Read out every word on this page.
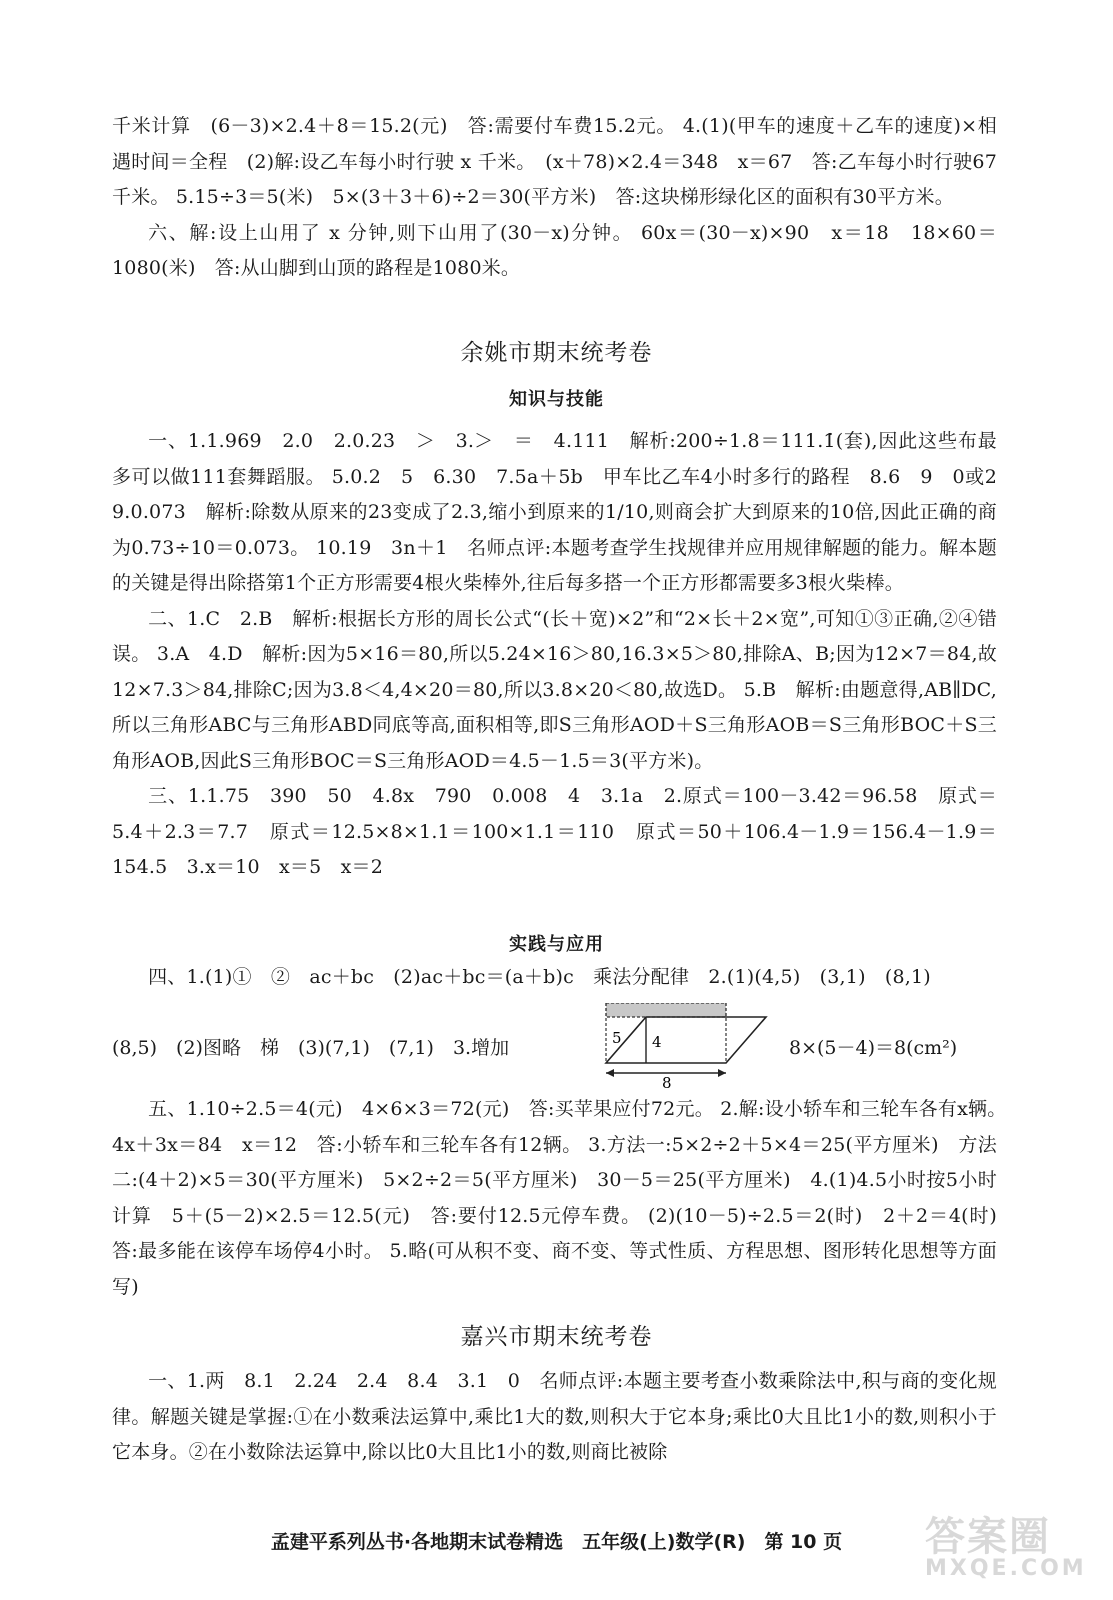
千米计算　(6－3)×2.4＋8＝15.2(元)　答:需要付车费15.2元。 4.(1)(甲车的速度＋乙车的速度)×相遇时间＝全程　(2)解:设乙车每小时行驶 x 千米。　(x＋78)×2.4＝348　x＝67　答:乙车每小时行驶67千米。 5.15÷3＝5(米)　5×(3＋3＋6)÷2＝30(平方米)　答:这块梯形绿化区的面积有30平方米。

六、解:设上山用了 x 分钟,则下山用了(30－x)分钟。 60x＝(30－x)×90　x＝18　18×60＝1080(米)　答:从山脚到山顶的路程是1080米。

余姚市期末统考卷
知识与技能

一、1.1.969　2.0　2.0.23̇　＞　3.＞　＝　4.111　解析:200÷1.8＝111.1̇(套),因此这些布最多可以做111套舞蹈服。 5.0.2　5　6.30　7.5a＋5b　甲车比乙车4小时多行的路程　8.6　9　0或2　9.0.073　解析:除数从原来的23变成了2.3,缩小到原来的1/10,则商会扩大到原来的10倍,因此正确的商为0.73÷10＝0.073。 10.19　3n＋1　名师点评:本题考查学生找规律并应用规律解题的能力。解本题的关键是得出除搭第1个正方形需要4根火柴棒外,往后每多搭一个正方形都需要多3根火柴棒。

二、1.C　2.B　解析:根据长方形的周长公式“(长＋宽)×2”和“2×长＋2×宽”,可知①③正确,②④错误。 3.A　4.D　解析:因为5×16＝80,所以5.24×16＞80,16.3×5＞80,排除A、B;因为12×7＝84,故12×7.3＞84,排除C;因为3.8＜4,4×20＝80,所以3.8×20＜80,故选D。 5.B　解析:由题意得,AB∥DC,所以三角形ABC与三角形ABD同底等高,面积相等,即S三角形AOD＋S三角形AOB＝S三角形BOC＋S三角形AOB,因此S三角形BOC＝S三角形AOD＝4.5－1.5＝3(平方米)。

三、1.1.75　390　50　4.8x　790　0.008　4　3.1a　2.原式＝100－3.42＝96.58　原式＝5.4＋2.3＝7.7　原式＝12.5×8×1.1＝100×1.1＝110　原式＝50＋106.4－1.9＝156.4－1.9＝154.5　3.x＝10　x＝5　x＝2

实践与应用

四、1.(1)①　②　ac＋bc　(2)ac＋bc＝(a＋b)c　乘法分配律　2.(1)(4,5)　(3,1)　(8,1)

(8,5)　(2)图略　梯　(3)(7,1)　(7,1)　3.增加	5 4
8
8×(5－4)＝8(cm²)

五、1.10÷2.5＝4(元)　4×6×3＝72(元)　答:买苹果应付72元。 2.解:设小轿车和三轮车各有x辆。　4x＋3x＝84　x＝12　答:小轿车和三轮车各有12辆。 3.方法一:5×2÷2＋5×4＝25(平方厘米)　方法二:(4＋2)×5＝30(平方厘米)　5×2÷2＝5(平方厘米)　30－5＝25(平方厘米)　4.(1)4.5小时按5小时计算　5＋(5－2)×2.5＝12.5(元)　答:要付12.5元停车费。 (2)(10－5)÷2.5＝2(时)　2＋2＝4(时)　答:最多能在该停车场停4小时。 5.略(可从积不变、商不变、等式性质、方程思想、图形转化思想等方面写)

嘉兴市期末统考卷

一、1.两　8.1　2.24　2.4　8.4　3.1　0　名师点评:本题主要考查小数乘除法中,积与商的变化规律。解题关键是掌握:①在小数乘法运算中,乘比1大的数,则积大于它本身;乘比0大且比1小的数,则积小于它本身。②在小数除法运算中,除以比0大且比1小的数,则商比被除

孟建平系列丛书·各地期末试卷精选　五年级(上)数学(R)　第 10 页	答案圈
MXQE.COM
